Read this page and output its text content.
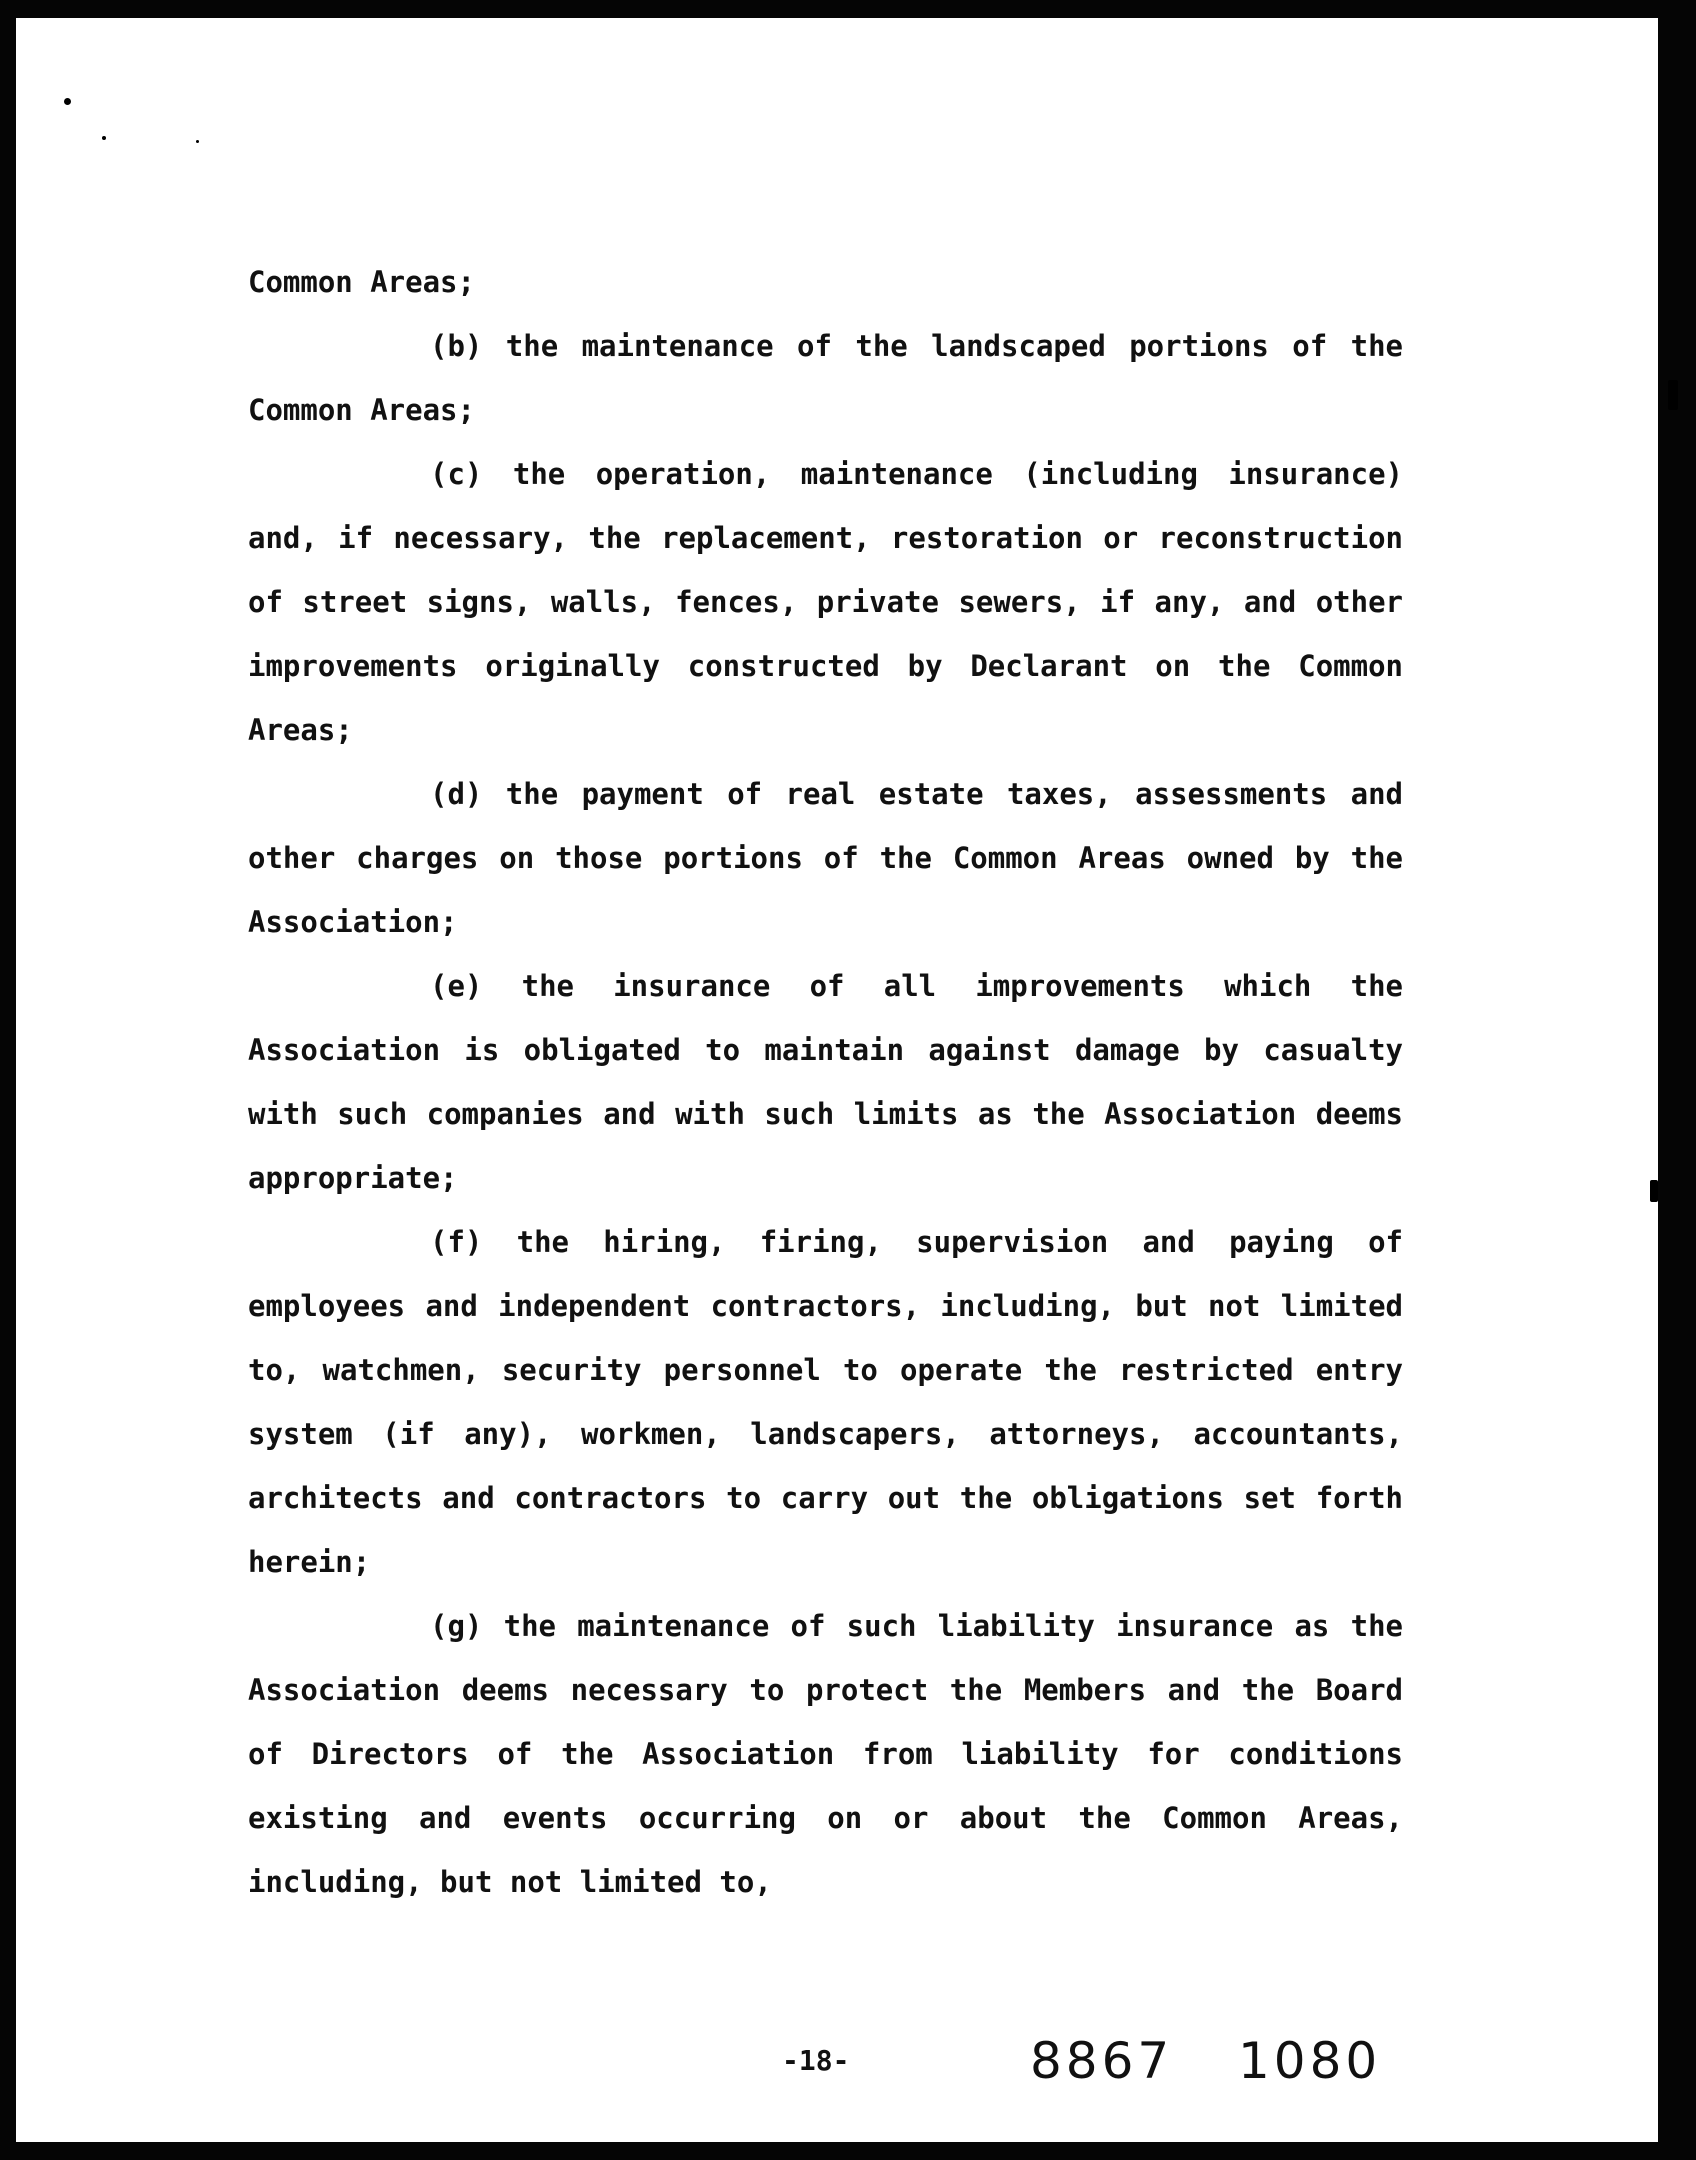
Common Areas;

(b) the maintenance of the landscaped portions of the Common Areas;

(c) the operation, maintenance (including insurance) and, if necessary, the replacement, restoration or reconstruction of street signs, walls, fences, private sewers, if any, and other improvements originally constructed by Declarant on the Common Areas;

(d) the payment of real estate taxes, assessments and other charges on those portions of the Common Areas owned by the Association;

(e) the insurance of all improvements which the Association is obligated to maintain against damage by casualty with such companies and with such limits as the Association deems appropriate;

(f) the hiring, firing, supervision and paying of employees and independent contractors, including, but not limited to, watchmen, security personnel to operate the restricted entry system (if any), workmen, landscapers, attorneys, accountants, architects and contractors to carry out the obligations set forth herein;

(g) the maintenance of such liability insurance as the Association deems necessary to protect the Members and the Board of Directors of the Association from liability for conditions existing and events occurring on or about the Common Areas, including, but not limited to,

-18-	8867 1080
